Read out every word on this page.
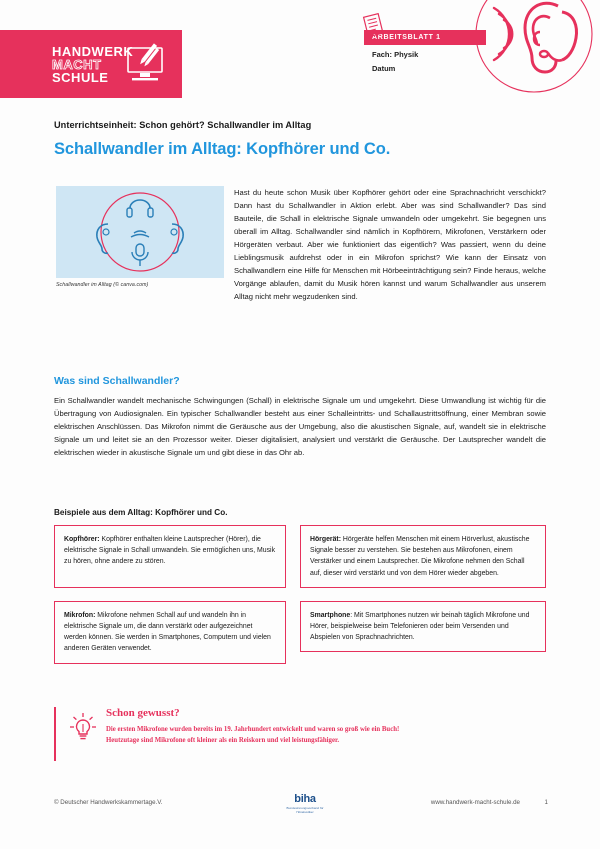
HANDWERK
MACHT
SCHULE
ARBEITSBLATT 1
Fach: Physik
Datum
Unterrichtseinheit: Schon gehört? Schallwandler im Alltag
Schallwandler im Alltag: Kopfhörer und Co.
Hast du heute schon Musik über Kopfhörer gehört oder eine Sprachnachricht verschickt? Dann hast du Schallwandler in Aktion erlebt. Aber was sind Schallwandler? Das sind Bauteile, die Schall in elektrische Signale umwandeln oder umgekehrt. Sie begegnen uns überall im Alltag. Schallwandler sind nämlich in Kopfhörern, Mikrofonen, Verstärkern oder Hörgeräten verbaut. Aber wie funktioniert das eigentlich? Was passiert, wenn du deine Lieblingsmusik aufdrehst oder in ein Mikrofon sprichst? Wie kann der Einsatz von Schallwandlern eine Hilfe für Menschen mit Hörbeeinträchtigung sein? Finde heraus, welche Vorgänge ablaufen, damit du Musik hören kannst und warum Schallwandler aus unserem Alltag nicht mehr wegzudenken sind.
Schallwandler im Alltag (© canva.com)
Was sind Schallwandler?
Ein Schallwandler wandelt mechanische Schwingungen (Schall) in elektrische Signale um und umgekehrt. Diese Umwandlung ist wichtig für die Übertragung von Audiosignalen. Ein typischer Schallwandler besteht aus einer Schalleintritts- und Schallaustrittsöffnung, einer Membran sowie elektrischen Anschlüssen. Das Mikrofon nimmt die Geräusche aus der Umgebung, also die akustischen Signale, auf, wandelt sie in elektrische Signale um und leitet sie an den Prozessor weiter. Dieser digitalisiert, analysiert und verstärkt die Geräusche. Der Lautsprecher wandelt die elektrischen wieder in akustische Signale um und gibt diese in das Ohr ab.
Beispiele aus dem Alltag: Kopfhörer und Co.
Kopfhörer: Kopfhörer enthalten kleine Lautsprecher (Hörer), die elektrische Signale in Schall umwandeln. Sie ermöglichen uns, Musik zu hören, ohne andere zu stören.
Hörgerät: Hörgeräte helfen Menschen mit einem Hörverlust, akustische Signale besser zu verstehen. Sie bestehen aus Mikrofonen, einem Verstärker und einem Lautsprecher. Die Mikrofone nehmen den Schall auf, dieser wird verstärkt und von dem Hörer wieder abgeben.
Mikrofon: Mikrofone nehmen Schall auf und wandeln ihn in elektrische Signale um, die dann verstärkt oder aufgezeichnet werden können. Sie werden in Smartphones, Computern und vielen anderen Geräten verwendet.
Smartphone: Mit Smartphones nutzen wir beinah täglich Mikrofone und Hörer, beispielweise beim Telefonieren oder beim Versenden und Abspielen von Sprachnachrichten.
Schon gewusst?
Die ersten Mikrofone wurden bereits im 19. Jahrhundert entwickelt und waren so groß wie ein Buch!
Heutzutage sind Mikrofone oft kleiner als ein Reiskorn und viel leistungsfähiger.
© Deutscher Handwerkskammertage.V.	biha
Bundesinnungsverband für Hörakustiker
www.handwerk-macht-schule.de	1
